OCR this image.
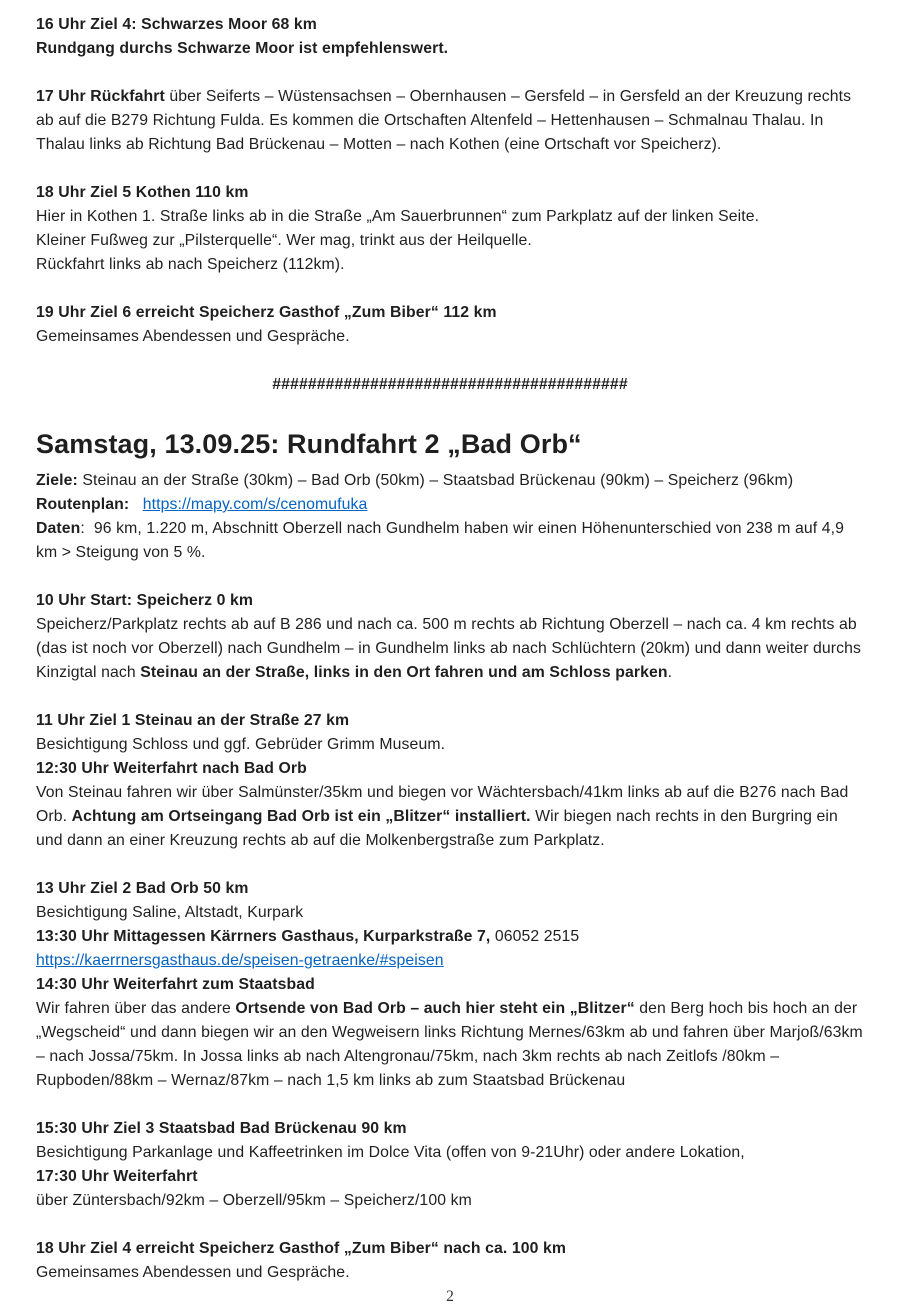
16 Uhr Ziel 4: Schwarzes Moor 68 km
Rundgang durchs Schwarze Moor ist empfehlenswert.
17 Uhr Rückfahrt über Seiferts – Wüstensachsen – Obernhausen – Gersfeld – in Gersfeld an der Kreuzung rechts ab auf die B279 Richtung Fulda. Es kommen die Ortschaften Altenfeld – Hettenhausen – Schmalnau Thalau. In Thalau links ab Richtung Bad Brückenau – Motten – nach Kothen (eine Ortschaft vor Speicherz).
18 Uhr Ziel 5 Kothen 110 km
Hier in Kothen 1. Straße links ab in die Straße „Am Sauerbrunnen“ zum Parkplatz auf der linken Seite.
Kleiner Fußweg zur „Pilsterquelle“. Wer mag, trinkt aus der Heilquelle.
Rückfahrt links ab nach Speicherz (112km).
19 Uhr Ziel 6 erreicht Speicherz Gasthof „Zum Biber“ 112 km
Gemeinsames Abendessen und Gespräche.
########################################
Samstag, 13.09.25: Rundfahrt 2 „Bad Orb“
Ziele: Steinau an der Straße (30km) – Bad Orb (50km) – Staatsbad Brückenau (90km) – Speicherz (96km)
Routenplan:   https://mapy.com/s/cenomufuka
Daten:  96 km, 1.220 m, Abschnitt Oberzell nach Gundhelm haben wir einen Höhenunterschied von 238 m auf 4,9 km > Steigung von 5 %.
10 Uhr Start: Speicherz 0 km
Speicherz/Parkplatz rechts ab auf B 286 und nach ca. 500 m rechts ab Richtung Oberzell – nach ca. 4 km rechts ab (das ist noch vor Oberzell) nach Gundhelm – in Gundhelm links ab nach Schlüchtern (20km) und dann weiter durchs Kinzigtal nach Steinau an der Straße, links in den Ort fahren und am Schloss parken.
11 Uhr Ziel 1 Steinau an der Straße 27 km
Besichtigung Schloss und ggf. Gebrüder Grimm Museum.
12:30 Uhr Weiterfahrt nach Bad Orb
Von Steinau fahren wir über Salmünster/35km und biegen vor Wächtersbach/41km links ab auf die B276 nach Bad Orb. Achtung am Ortseingang Bad Orb ist ein „Blitzer“ installiert. Wir biegen nach rechts in den Burgring ein und dann an einer Kreuzung rechts ab auf die Molkenbergstraße zum Parkplatz.
13 Uhr Ziel 2 Bad Orb 50 km
Besichtigung Saline, Altstadt, Kurpark
13:30 Uhr Mittagessen Kärrners Gasthaus, Kurparkstraße 7, 06052 2515
https://kaerrnersgasthaus.de/speisen-getraenke/#speisen
14:30 Uhr Weiterfahrt zum Staatsbad
Wir fahren über das andere Ortsende von Bad Orb – auch hier steht ein „Blitzer“ den Berg hoch bis hoch an der „Wegscheid“ und dann biegen wir an den Wegweisern links Richtung Mernes/63km ab und fahren über Marjoß/63km – nach Jossa/75km. In Jossa links ab nach Altengronau/75km, nach 3km rechts ab nach Zeitlofs /80km – Rupboden/88km – Wernaz/87km – nach 1,5 km links ab zum Staatsbad Brückenau
15:30 Uhr Ziel 3 Staatsbad Bad Brückenau 90 km
Besichtigung Parkanlage und Kaffeetrinken im Dolce Vita (offen von 9-21Uhr) oder andere Lokation,
17:30 Uhr Weiterfahrt
über Züntersbach/92km – Oberzell/95km – Speicherz/100 km
18 Uhr Ziel 4 erreicht Speicherz Gasthof „Zum Biber“ nach ca. 100 km
Gemeinsames Abendessen und Gespräche.
2
